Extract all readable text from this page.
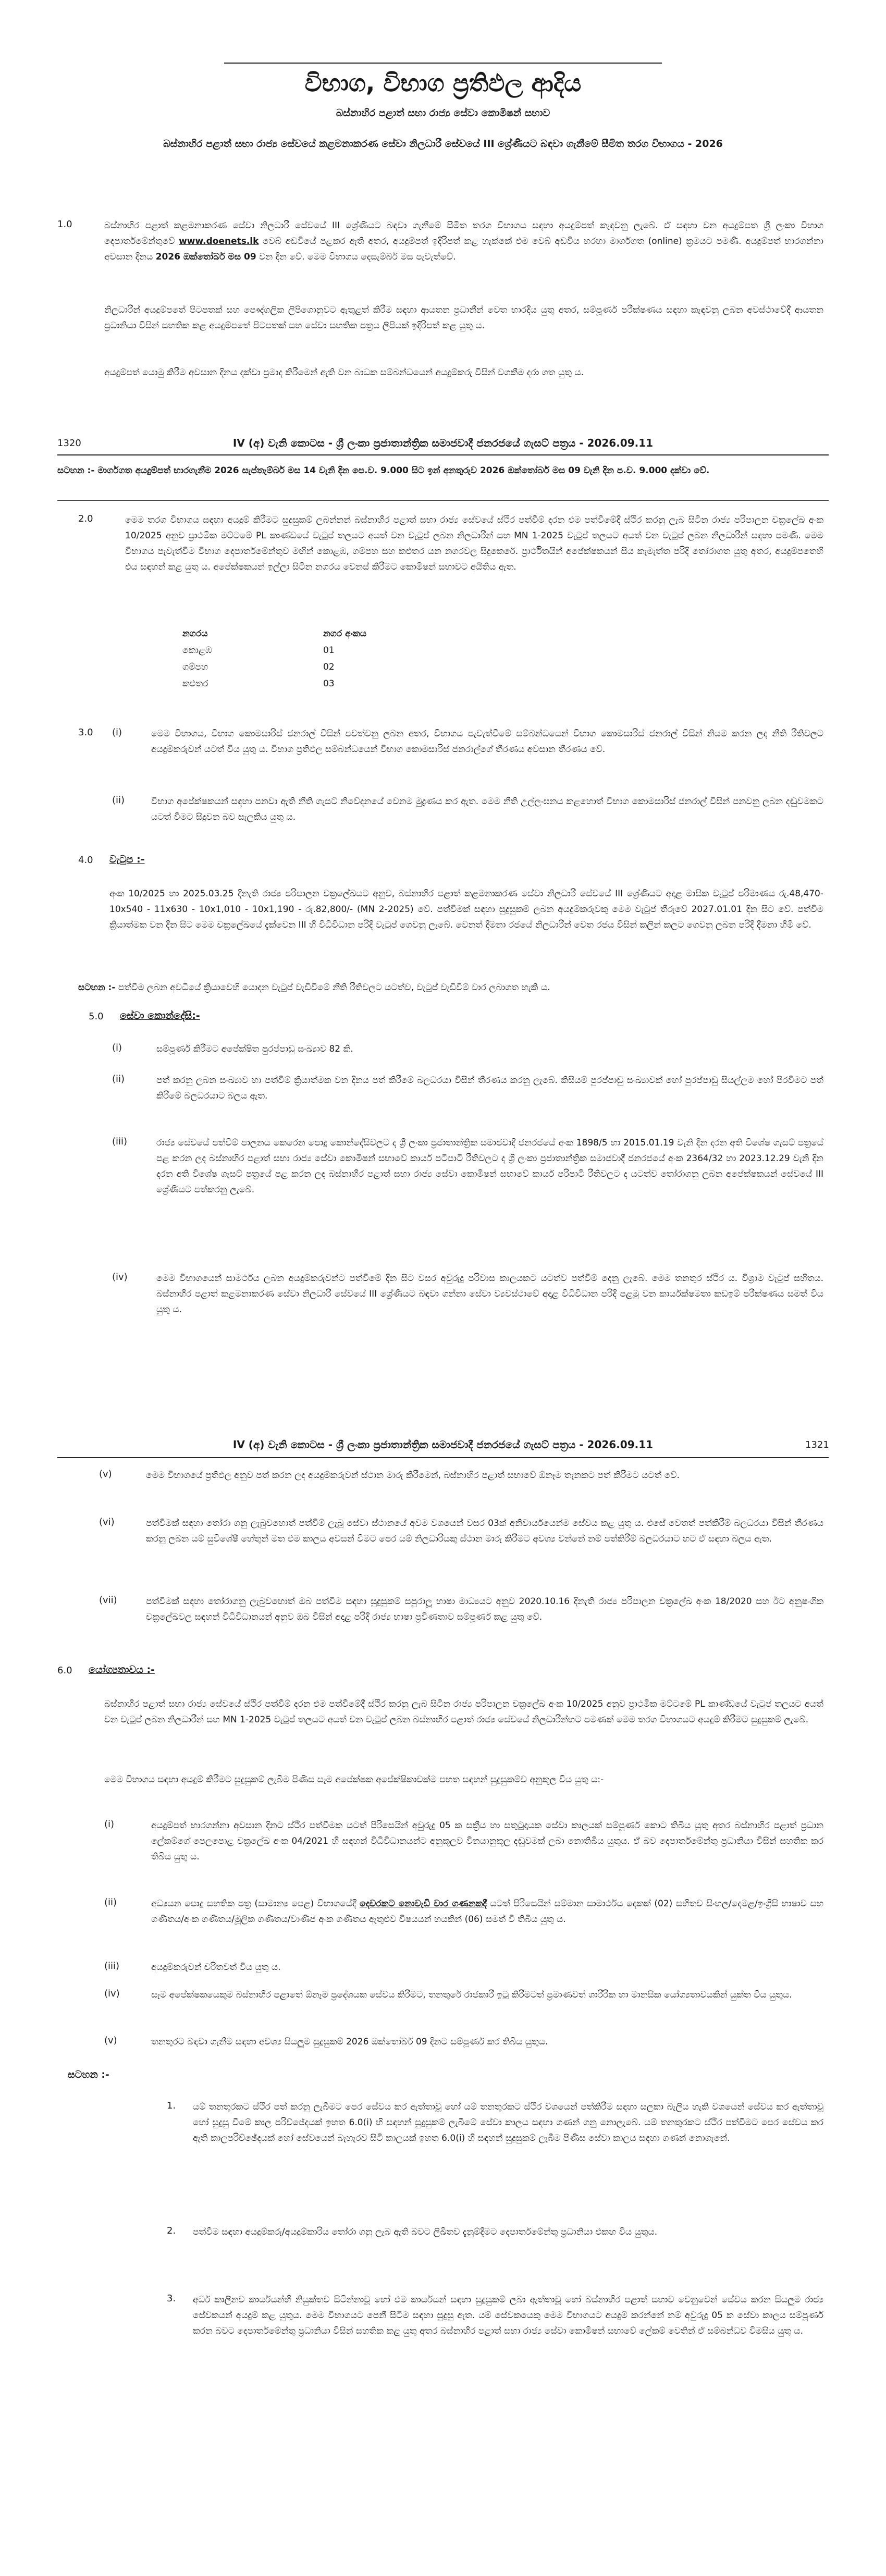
විභාග, විභාග ප්‍රතිඵල ආදිය
බස්නාහිර පළාත් සභා රාජ්‍ය සේවා කොමිෂන් සභාව
බස්නාහිර පළාත් සභා රාජ්‍ය සේවයේ කළමනාකරණ සේවා නිලධාරී සේවයේ III ශ්‍රේණියට බඳවා ගැනීමේ සීමිත තරග විභාගය - 2026
1.0	බස්නාහිර පළාත් කළමනාකරණ සේවා නිලධාරී සේවයේ III ශ්‍රේණියට බඳවා ගැනීමේ සීමිත තරග විභාගය සඳහා අයදුම්පත් කැඳවනු ලැබේ. ඒ සඳහා වන අයදුම්පත ශ්‍රී ලංකා විභාග දෙපාර්තමේන්තුවේ www.doenets.lk වෙබ් අඩවියේ පළකර ඇති අතර, අයදුම්පත් ඉදිරිපත් කළ හැක්කේ එම වෙබ් අඩවිය හරහා මාර්ගගත (online) ක්‍රමයට පමණි. අයදුම්පත් භාරගන්නා අවසාන දිනය 2026 ඔක්තෝබර් මස 09 වන දින වේ. මෙම විභාගය දෙසැම්බර් මස පැවැත්වේ.
නිලධාරීන් අයදුම්පතේ පිටපතක් සහ පෞද්ගලික ලිපිගොනුවට ඇතුළත් කිරීම සඳහා ආයතන ප්‍රධානීන් වෙත භාරදිය යුතු අතර, සම්පූර්ණ පරීක්ෂණය සඳහා කැඳවනු ලබන අවස්ථාවේදී ආයතන ප්‍රධානියා විසින් සහතික කළ අයදුම්පතේ පිටපතක් සහ සේවා සහතික පත්‍රය ලිපියක් ඉදිරිපත් කළ යුතු ය.
අයදුම්පත් යොමු කිරීම අවසාන දිනය දක්වා ප්‍රමාද කිරීමෙන් ඇති වන බාධක සම්බන්ධයෙන් අයදුම්කරු විසින් වගකීම දරා ගත යුතු ය.
1320	IV (අ) වැනි කොටස - ශ්‍රී ලංකා ප්‍රජාතාන්ත්‍රික සමාජවාදී ජනරජයේ ගැසට් පත්‍රය - 2026.09.11
සටහන :- මාර්ගගත අයදුම්පත් භාරගැනීම 2026 සැප්තැම්බර් මස 14 වැනි දින පෙ.ව. 9.000 සිට ඉන් අනතුරුව 2026 ඔක්තෝබර් මස 09 වැනි දින ප.ව. 9.000 දක්වා වේ.
2.0	මෙම තරග විභාගය සඳහා අයදුම් කිරීමට සුදුසුකම් ලබන්නන් බස්නාහිර පළාත් සභා රාජ්‍ය සේවයේ ස්ථිර පත්වීම් දරන එම පත්වීමේදී ස්ථිර කරනු ලැබ සිටින රාජ්‍ය පරිපාලන චක්‍රලේඛ අංක 10/2025 අනුව ප්‍රාථමික මට්ටමේ PL කාණ්ඩයේ වැටුප් තලයට අයත් වන වැටුප් ලබන නිලධාරීන් සහ MN 1-2025 වැටුප් තලයට අයත් වන වැටුප් ලබන නිලධාරීන් සඳහා පමණි. මෙම විභාගය පැවැත්වීම විභාග දෙපාර්තමේන්තුව මඟින් කොළඹ, ගම්පහ සහ කළුතර යන නගරවල සිදුකෙරේ. ප්‍රාර්ථිතයින් අපේක්ෂකයන් සිය කැමැත්ත පරිදි තෝරාගත යුතු අතර, අයදුම්පතෙහි එය සඳහන් කළ යුතු ය. අපේක්ෂකයන් ඉල්ලා සිටින නගරය වෙනස් කිරීමට කොමිෂන් සභාවට අයිතිය ඇත.
නගරය	නගර අංකය
කොළඹ	01
ගම්පහ	02
කළුතර	03
3.0 (i)	මෙම විභාගය, විභාග කොමසාරිස් ජනරාල් විසින් පවත්වනු ලබන අතර, විභාගය පැවැත්වීමේ සම්බන්ධයෙන් විභාග කොමසාරිස් ජනරාල් විසින් නියම කරන ලද නීති රීතිවලට අයදුම්කරුවන් යටත් විය යුතු ය. විභාග ප්‍රතිඵල සම්බන්ධයෙන් විභාග කොමසාරිස් ජනරාල්ගේ තීරණය අවසාන තීරණය වේ.
(ii)	විභාග අපේක්ෂකයන් සඳහා පනවා ඇති නීති ගැසට් නිවේදනයේ වෙනම මුද්‍රණය කර ඇත. මෙම නීති උල්ලංඝනය කළහොත් විභාග කොමසාරිස් ජනරාල් විසින් පනවනු ලබන දඬුවමකට යටත් වීමට සිදුවන බව සැලකිය යුතු ය.
4.0 වැටුප :-
අංක 10/2025 හා 2025.03.25 දිනැති රාජ්‍ය පරිපාලන චක්‍රලේඛයට අනුව, බස්නාහිර පළාත් කළමනාකරණ සේවා නිලධාරී සේවයේ III ශ්‍රේණියට අදාළ මාසික වැටුප් පරිමාණය රු.48,470-10x540 - 11x630 - 10x1,010 - 10x1,190 - රු.82,800/- (MN 2-2025) වේ. පත්වීමක් සඳහා සුදුසුකම් ලබන අයදුම්කරුවකු මෙම වැටුප් තීරුවේ 2027.01.01 දින සිට වේ. පත්වීම ක්‍රියාත්මක වන දින සිට මෙම චක්‍රලේඛයේ දැක්වෙන III හි විධිවිධාන පරිදි වැටුප් ගෙවනු ලැබේ. වෙනත් දීමනා රජයේ නිලධාරීන් වෙත රජය විසින් කලින් කලට ගෙවනු ලබන පරිදි දීමනා හිමි වේ.
සටහන :- පත්වීම ලබන අවධියේ ක්‍රියාවෙහි යොදන වැටුප් වැඩිවීමේ නීති රීතිවලට යටත්ව, වැටුප් වැඩිවීම් වාර ලබාගත හැකි ය.
5.0 සේවා කොන්දේසි:-
(i)	සම්පූර්ණ කිරීමට අපේක්ෂිත පුරප්පාඩු සංඛ්‍යාව 82 කි.
(ii)	පත් කරනු ලබන සංඛ්‍යාව හා පත්වීම් ක්‍රියාත්මක වන දිනය පත් කිරීමේ බලධරයා විසින් තීරණය කරනු ලැබේ. කිසියම් පුරප්පාඩු සංඛ්‍යාවක් හෝ පුරප්පාඩු සියල්ලම හෝ පිරවීමට පත් කිරීමේ බලධරයාට බලය ඇත.
(iii)	රාජ්‍ය සේවයේ පත්වීම් පාලනය කෙරෙන පොදු කොන්දේසිවලට ද ශ්‍රී ලංකා ප්‍රජාතාන්ත්‍රික සමාජවාදී ජනරජයේ අංක 1898/5 හා 2015.01.19 වැනි දින දරන අති විශේෂ ගැසට් පත්‍රයේ පළ කරන ලද බස්නාහිර පළාත් සභා රාජ්‍ය සේවා කොමිෂන් සභාවේ කාර්ය පටිපාටි රීතිවලට ද ශ්‍රී ලංකා ප්‍රජාතාන්ත්‍රික සමාජවාදී ජනරජයේ අංක 2364/32 හා 2023.12.29 වැනි දින දරන අති විශේෂ ගැසට් පත්‍රයේ පළ කරන ලද බස්නාහිර පළාත් සභා රාජ්‍ය සේවා කොමිෂන් සභාවේ කාර්ය පරිපාටි රීතිවලට ද යටත්ව තෝරාගනු ලබන අපේක්ෂකයන් සේවයේ III ශ්‍රේණියට පත්කරනු ලැබේ.
(iv)	මෙම විභාගයෙන් සාමර්ථය ලබන අයදුම්කරුවන්ට පත්වීමේ දින සිට වසර අවුරුදු පරිවාස කාලයකට යටත්ව පත්වීම් දෙනු ලැබේ. මෙම තනතුර ස්ථිර ය. විශ්‍රාම වැටුප් සහිතය. බස්නාහිර පළාත් කළමනාකරණ සේවා නිලධාරී සේවයේ III ශ්‍රේණියට බඳවා ගන්නා සේවා ව්‍යවස්ථාවේ අදාළ විධිවිධාන පරිදි පළමු වන කාර්යක්ෂමතා කඩඉම් පරීක්ෂණය සමත් විය යුතු ය.
IV (අ) වැනි කොටස - ශ්‍රී ලංකා ප්‍රජාතාන්ත්‍රික සමාජවාදී ජනරජයේ ගැසට් පත්‍රය - 2026.09.11	1321
(v)	මෙම විභාගයේ ප්‍රතිඵල අනුව පත් කරන ලද අයදුම්කරුවන් ස්ථාන මාරු කිරීමෙන්, බස්නාහිර පළාත් සභාවේ ඕනෑම තැනකට පත් කිරීමට යටත් වේ.
(vi)	පත්වීමක් සඳහා තෝරා ගනු ලැබුවහොත් පත්වීම් ලැබූ සේවා ස්ථානයේ අවම වශයෙන් වසර 03ක් අනිවාර්යයෙන්ම සේවය කළ යුතු ය. එසේ වෙතත් පත්කිරීම් බලධරයා විසින් තීරණය කරනු ලබන යම් සුවිශේෂී හේතුන් මත එම කාලය අවසන් වීමට පෙර යම් නිලධාරියකු ස්ථාන මාරු කිරීමට අවශ්‍ය වන්නේ නම් පත්කිරීම් බලධරයාට හට ඒ සඳහා බලය ඇත.
(vii)	පත්වීමක් සඳහා තෝරාගනු ලැබුවහොත් ඔබ පත්වීම සඳහා සුදුසුකම් සපුරාලූ භාෂා මාධ්‍යයට අනුව 2020.10.16 දිනැති රාජ්‍ය පරිපාලන චක්‍රලේඛ අංක 18/2020 සහ ඊට අනුෂංගික චක්‍රලේඛවල සඳහන් විධිවිධානයන් අනුව ඔබ විසින් අදාළ පරිදි රාජ්‍ය භාෂා ප්‍රවීණතාව සම්පූර්ණ කළ යුතු වේ.
6.0 යෝග්‍යතාවය :-
බස්නාහිර පළාත් සභා රාජ්‍ය සේවයේ ස්ථිර පත්වීම් දරන එම පත්වීමේදී ස්ථිර කරනු ලැබ සිටින රාජ්‍ය පරිපාලන චක්‍රලේඛ අංක 10/2025 අනුව ප්‍රාථමික මට්ටමේ PL කාණ්ඩයේ වැටුප් තලයට අයත් වන වැටුප් ලබන නිලධාරීන් සහ MN 1-2025 වැටුප් තලයට අයත් වන වැටුප් ලබන බස්නාහිර පළාත් රාජ්‍ය සේවයේ නිලධාරීන්හට පමණක් මෙම තරග විභාගයට අයදුම් කිරීමට සුදුසුකම් ලැබේ.
මෙම විභාගය සඳහා අයදුම් කිරීමට සුදුසුකම් ලැබීම පිණිස සෑම අපේක්ෂක අපේක්ෂිකාවක්ම පහත සඳහන් සුදුසුකම්ව අනුකූල විය යුතු ය:-
(i)	අයදුම්පත් භාරගන්නා අවසාන දිනට ස්ථිර පත්වීමක යටත් පිරිසෙයින් අවුරුදු 05 ක සක්‍රීය හා සතුටුදායක සේවා කාලයක් සම්පූර්ණ කොට තිබිය යුතු අතර බස්නාහිර පළාත් ප්‍රධාන ලේකම්ගේ පෙලපොළ චක්‍රලේඛ අංක 04/2021 හි සඳහන් විධිවිධානයන්ට අනුකූලව විනයානුකූල දඬුවමක් ලබා නොතිබිය යුතුය. ඒ බව දෙපාර්තමේන්තු ප්‍රධානියා විසින් සහතික කර තිබිය යුතු ය.
(ii)	අධ්‍යයන පොදු සහතික පත්‍ර (සාමාන්‍ය පෙළ) විභාගයේදී දෙවරකට නොවැඩි වාර ගණනකදී යටත් පිරිසෙයින් සම්මාන සාමාර්ථය දෙකක් (02) සහිතව සිංහල/දෙමළ/ඉංග්‍රීසි භාෂාව සහ ගණිතය/අංක ගණිතය/මූලික ගණිතය/වාණිජ අංක ගණිතය ඇතුළුව විෂයයන් හයකින් (06) සමත් වී තිබිය යුතු ය.
(iii)	අයදුම්කරුවන් චරිතවත් විය යුතු ය.
(iv)	සෑම අපේක්ෂකයෙකුම බස්නාහිර පළාතේ ඕනෑම ප්‍රදේශයක සේවය කිරීමට, තනතුරේ රාජකාරී ඉටු කිරීමටත් ප්‍රමාණවත් ශාරීරික හා මානසික යෝග්‍යතාවයකින් යුක්ත විය යුතුය.
(v)	තනතුරට බඳවා ගැනීම සඳහා අවශ්‍ය සියලුම සුදුසුකම් 2026 ඔක්තෝබර් 09 දිනට සම්පූර්ණ කර තිබිය යුතුය.
සටහන :-
1. යම් තනතුරකට ස්ථිර පත් කරනු ලැබීමට පෙර සේවය කර ඇත්තාවූ හෝ යම් තනතුරකට ස්ථිර වශයෙන් පත්කිරීම සඳහා සලකා බැලිය හැකි වශයෙන් සේවය කර ඇත්තාවූ හෝ සුදුසු වීමේ කාල පරිච්ඡේදයක් ඉහත 6.0(i) හි සඳහන් සුදුසුකම් ලැබීමේ සේවා කාලය සඳහා ගණන් ගනු නොලැබේ. යම් තනතුරකට ස්ථිර පත්වීමට පෙර සේවය කර ඇති කාලපරිච්ඡේදයක් හෝ සේවයෙන් බැහැරව සිටි කාලයක් ඉහත 6.0(i) හි සඳහන් සුදුසුකම් ලැබීම පිණිස සේවා කාලය සඳහා ගණන් නොගැනේ.
2. පත්වීම සඳහා අයදුම්කරු/අයදුම්කාරිය තෝරා ගනු ලැබ ඇති බවට ලිඛිතව දැනුම්දීමට දෙපාර්තමේන්තු ප්‍රධානියා එකඟ විය යුතුය.
3. අර්ධ කාලීනව කාර්යයන්හි නියුක්තව සිටින්නාවූ හෝ එම කාර්යයන් සඳහා සුදුසුකම් ලබා ඇත්තාවූ හෝ බස්නාහිර පළාත් සභාව වෙනුවෙන් සේවය කරන සියලුම රාජ්‍ය සේවකයන් අයදුම් කළ යුතුය. මෙම විභාගයට පෙනී සිටීම සඳහා සුදුසු ඇත. යම් සේවකයෙකු මෙම විභාගයට අයදුම් කරන්නේ නම් අවුරුදු 05 ක සේවා කාලය සම්පූර්ණ කරන බවට දෙපාර්තමේන්තු ප්‍රධානියා විසින් සහතික කළ යුතු අතර බස්නාහිර පළාත් සභා රාජ්‍ය සේවා කොමිෂන් සභාවේ ලේකම් වෙතින් ඒ සම්බන්ධව විමසිය යුතු ය.
